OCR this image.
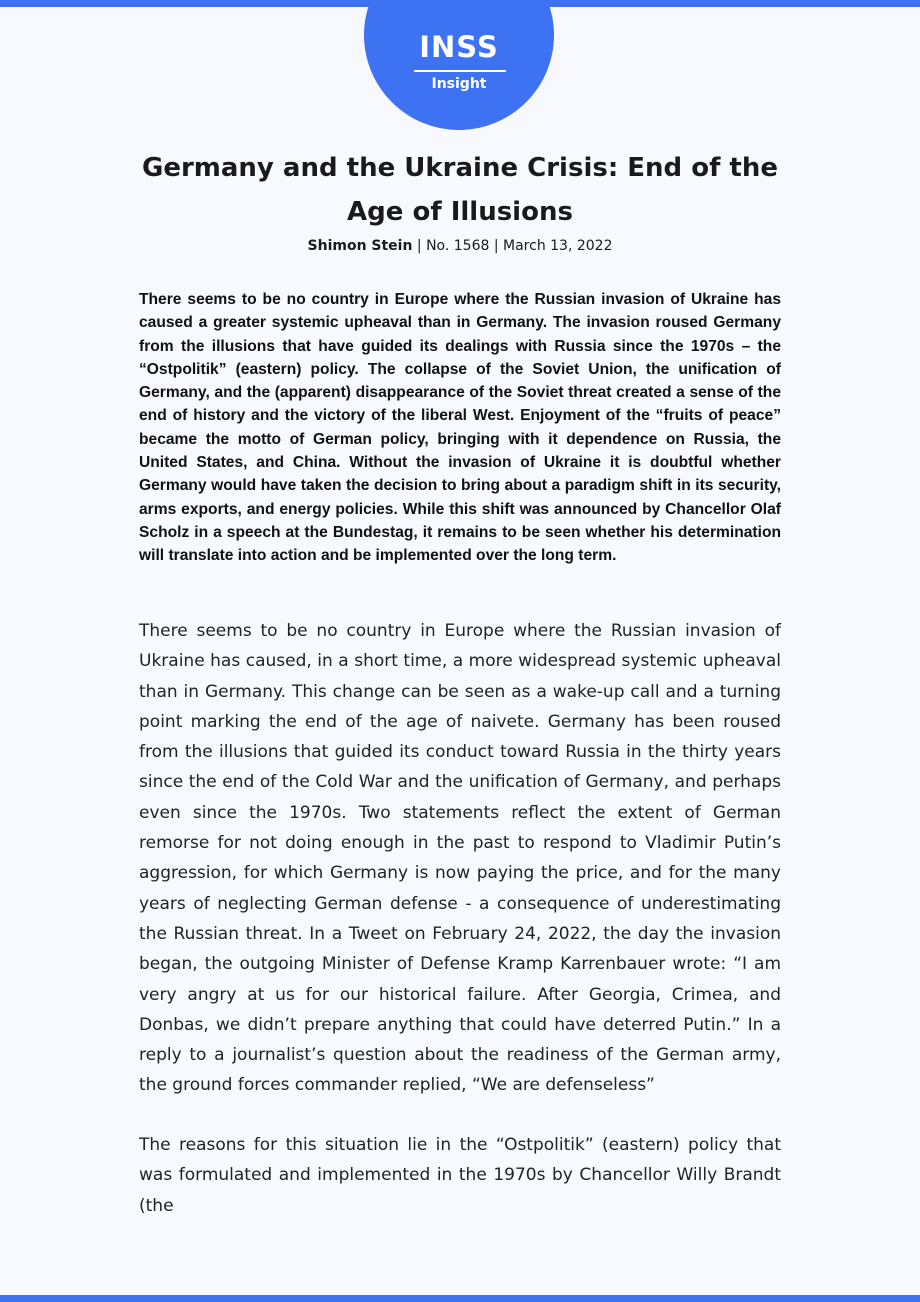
INSS
Insight
Germany and the Ukraine Crisis: End of the Age of Illusions
Shimon Stein | No. 1568 | March 13, 2022

There seems to be no country in Europe where the Russian invasion of Ukraine has caused a greater systemic upheaval than in Germany. The invasion roused Germany from the illusions that have guided its dealings with Russia since the 1970s – the “Ostpolitik” (eastern) policy. The collapse of the Soviet Union, the unification of Germany, and the (apparent) disappearance of the Soviet threat created a sense of the end of history and the victory of the liberal West. Enjoyment of the “fruits of peace” became the motto of German policy, bringing with it dependence on Russia, the United States, and China. Without the invasion of Ukraine it is doubtful whether Germany would have taken the decision to bring about a paradigm shift in its security, arms exports, and energy policies. While this shift was announced by Chancellor Olaf Scholz in a speech at the Bundestag, it remains to be seen whether his determination will translate into action and be implemented over the long term.

There seems to be no country in Europe where the Russian invasion of Ukraine has caused, in a short time, a more widespread systemic upheaval than in Germany. This change can be seen as a wake-up call and a turning point marking the end of the age of naivete. Germany has been roused from the illusions that guided its conduct toward Russia in the thirty years since the end of the Cold War and the unification of Germany, and perhaps even since the 1970s. Two statements reflect the extent of German remorse for not doing enough in the past to respond to Vladimir Putin’s aggression, for which Germany is now paying the price, and for the many years of neglecting German defense - a consequence of underestimating the Russian threat. In a Tweet on February 24, 2022, the day the invasion began, the outgoing Minister of Defense Kramp Karrenbauer wrote: “I am very angry at us for our historical failure. After Georgia, Crimea, and Donbas, we didn’t prepare anything that could have deterred Putin.” In a reply to a journalist’s question about the readiness of the German army, the ground forces commander replied, “We are defenseless”

The reasons for this situation lie in the “Ostpolitik” (eastern) policy that was formulated and implemented in the 1970s by Chancellor Willy Brandt (the
